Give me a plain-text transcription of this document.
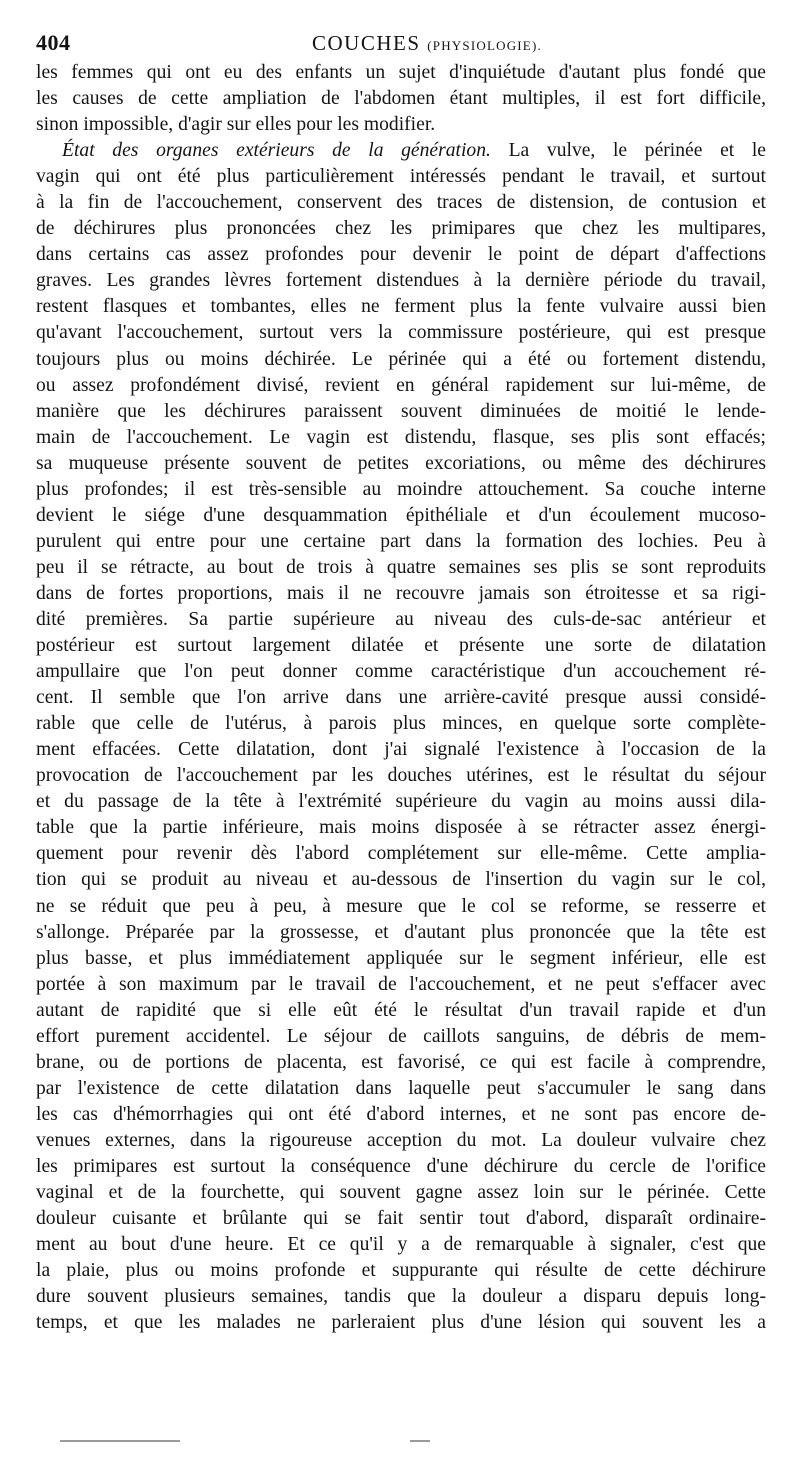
404	COUCHES (PHYSIOLOGIE).
les femmes qui ont eu des enfants un sujet d'inquiétude d'autant plus fondé que
les causes de cette ampliation de l'abdomen étant multiples, il est fort difficile,
sinon impossible, d'agir sur elles pour les modifier.
État des organes extérieurs de la génération. La vulve, le périnée et le
vagin qui ont été plus particulièrement intéressés pendant le travail, et surtout
à la fin de l'accouchement, conservent des traces de distension, de contusion et
de déchirures plus prononcées chez les primipares que chez les multipares,
dans certains cas assez profondes pour devenir le point de départ d'affections
graves. Les grandes lèvres fortement distendues à la dernière période du travail,
restent flasques et tombantes, elles ne ferment plus la fente vulvaire aussi bien
qu'avant l'accouchement, surtout vers la commissure postérieure, qui est presque
toujours plus ou moins déchirée. Le périnée qui a été ou fortement distendu,
ou assez profondément divisé, revient en général rapidement sur lui-même, de
manière que les déchirures paraissent souvent diminuées de moitié le lende-
main de l'accouchement. Le vagin est distendu, flasque, ses plis sont effacés;
sa muqueuse présente souvent de petites excoriations, ou même des déchirures
plus profondes; il est très-sensible au moindre attouchement. Sa couche interne
devient le siége d'une desquammation épithéliale et d'un écoulement mucoso-
purulent qui entre pour une certaine part dans la formation des lochies. Peu à
peu il se rétracte, au bout de trois à quatre semaines ses plis se sont reproduits
dans de fortes proportions, mais il ne recouvre jamais son étroitesse et sa rigi-
dité premières. Sa partie supérieure au niveau des culs-de-sac antérieur et
postérieur est surtout largement dilatée et présente une sorte de dilatation
ampullaire que l'on peut donner comme caractéristique d'un accouchement ré-
cent. Il semble que l'on arrive dans une arrière-cavité presque aussi considé-
rable que celle de l'utérus, à parois plus minces, en quelque sorte complète-
ment effacées. Cette dilatation, dont j'ai signalé l'existence à l'occasion de la
provocation de l'accouchement par les douches utérines, est le résultat du séjour
et du passage de la tête à l'extrémité supérieure du vagin au moins aussi dila-
table que la partie inférieure, mais moins disposée à se rétracter assez énergi-
quement pour revenir dès l'abord complétement sur elle-même. Cette amplia-
tion qui se produit au niveau et au-dessous de l'insertion du vagin sur le col,
ne se réduit que peu à peu, à mesure que le col se reforme, se resserre et
s'allonge. Préparée par la grossesse, et d'autant plus prononcée que la tête est
plus basse, et plus immédiatement appliquée sur le segment inférieur, elle est
portée à son maximum par le travail de l'accouchement, et ne peut s'effacer avec
autant de rapidité que si elle eût été le résultat d'un travail rapide et d'un
effort purement accidentel. Le séjour de caillots sanguins, de débris de mem-
brane, ou de portions de placenta, est favorisé, ce qui est facile à comprendre,
par l'existence de cette dilatation dans laquelle peut s'accumuler le sang dans
les cas d'hémorrhagies qui ont été d'abord internes, et ne sont pas encore de-
venues externes, dans la rigoureuse acception du mot. La douleur vulvaire chez
les primipares est surtout la conséquence d'une déchirure du cercle de l'orifice
vaginal et de la fourchette, qui souvent gagne assez loin sur le périnée. Cette
douleur cuisante et brûlante qui se fait sentir tout d'abord, disparaît ordinaire-
ment au bout d'une heure. Et ce qu'il y a de remarquable à signaler, c'est que
la plaie, plus ou moins profonde et suppurante qui résulte de cette déchirure
dure souvent plusieurs semaines, tandis que la douleur a disparu depuis long-
temps, et que les malades ne parleraient plus d'une lésion qui souvent les a
